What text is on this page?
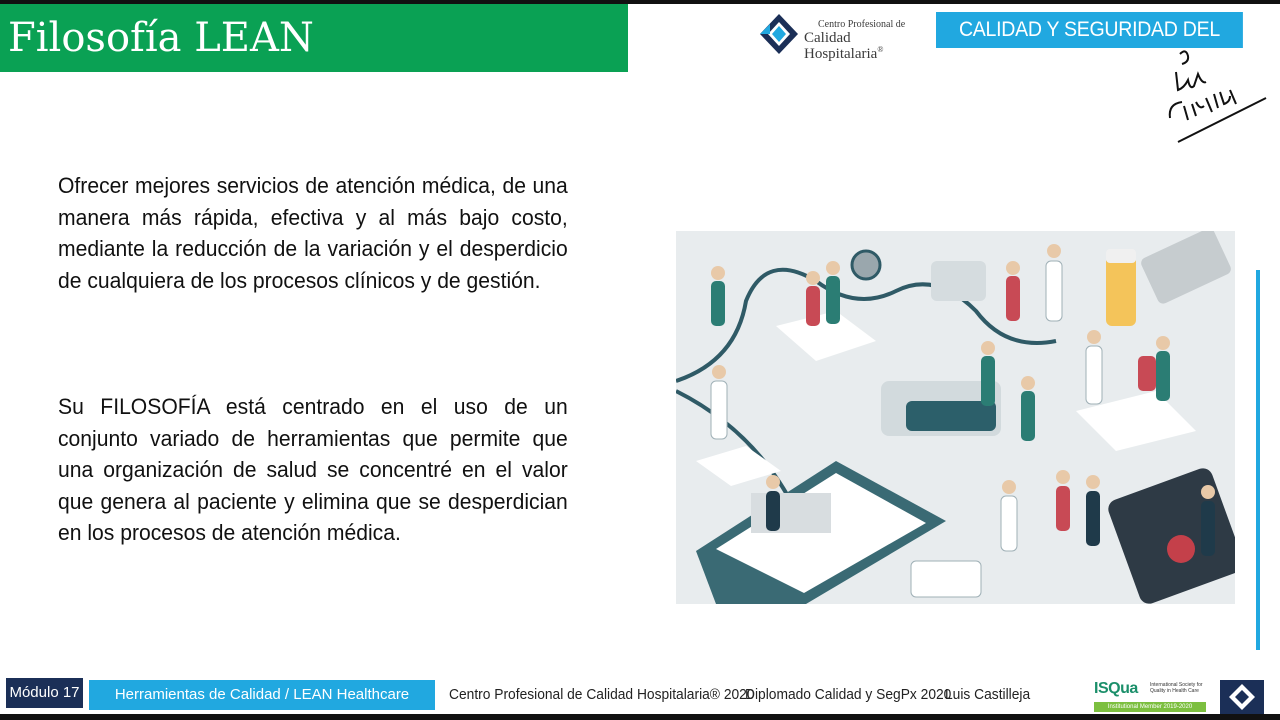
Filosofía LEAN	Centro Profesional de
Calidad Hospitalaria®
CALIDAD Y SEGURIDAD DEL PACIENTE

Ofrecer mejores servicios de atención médica, de una manera más rápida, efectiva y al más bajo costo, mediante la reducción de la variación y el desperdicio de cualquiera de los procesos clínicos y de gestión.

Su FILOSOFÍA está centrado en el uso de un conjunto variado de herramientas que permite que una organización de salud se concentré en el valor que genera al paciente y elimina que se desperdician en los procesos de atención médica.

Módulo 17	Herramientas de Calidad / LEAN Healthcare	Centro Profesional de Calidad Hospitalaria® 2020
Diplomado Calidad y SegPx 2020
Luis Castilleja	ISQua International Society for
Quality in Health Care
Institutional Member 2019-2020
